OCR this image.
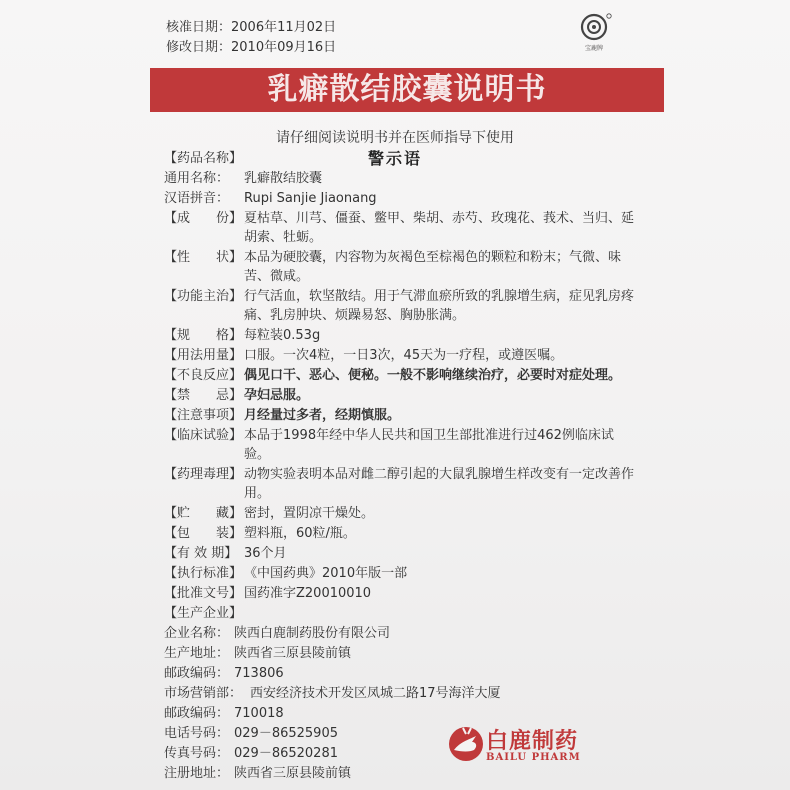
核准日期：2006年11月02日
修改日期：2010年09月16日	宝鹿牌
乳癖散结胶囊说明书
请仔细阅读说明书并在医师指导下使用
警示语
【药品名称】
通用名称：	乳癖散结胶囊
汉语拼音：	Rupi Sanjie Jiaonang
【成　　份】 夏枯草、川芎、僵蚕、鳖甲、柴胡、赤芍、玫瑰花、莪术、当归、延胡索、牡蛎。
【性　　状】 本品为硬胶囊，内容物为灰褐色至棕褐色的颗粒和粉末；气微、味苦、微咸。
【功能主治】 行气活血，软坚散结。用于气滞血瘀所致的乳腺增生病，症见乳房疼痛、乳房肿块、烦躁易怒、胸胁胀满。
【规　　格】 每粒装0.53g
【用法用量】 口服。一次4粒，一日3次，45天为一疗程，或遵医嘱。
【不良反应】 偶见口干、恶心、便秘。一般不影响继续治疗，必要时对症处理。
【禁　　忌】 孕妇忌服。
【注意事项】 月经量过多者，经期慎服。
【临床试验】 本品于1998年经中华人民共和国卫生部批准进行过462例临床试验。
【药理毒理】 动物实验表明本品对雌二醇引起的大鼠乳腺增生样改变有一定改善作用。
【贮　　藏】 密封，置阴凉干燥处。
【包　　装】 塑料瓶，60粒/瓶。
【有 效 期】 36个月
【执行标准】 《中国药典》2010年版一部
【批准文号】 国药准字Z20010010
【生产企业】
企业名称： 陕西白鹿制药股份有限公司
生产地址： 陕西省三原县陵前镇
邮政编码： 713806
市场营销部： 西安经济技术开发区凤城二路17号海洋大厦
邮政编码： 710018
电话号码： 029－86525905
传真号码： 029－86520281
注册地址： 陕西省三原县陵前镇
白鹿制药
BAILU PHARM
